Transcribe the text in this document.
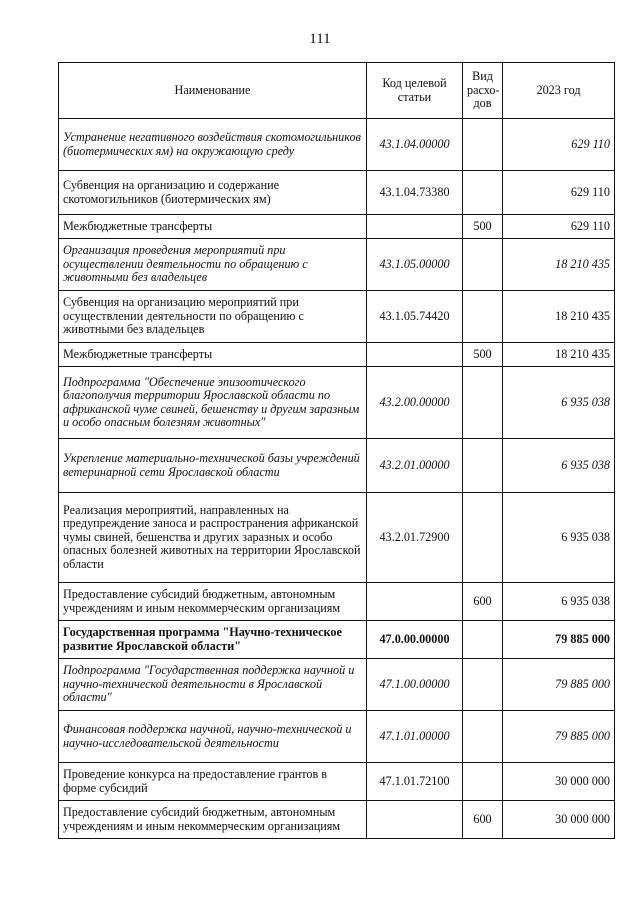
111
Наименование	Код целевой статьи	Вид расхо-дов	2023 год
Устранение негативного воздействия скотомогильников (биотермических ям) на окружающую среду	43.1.04.00000		629 110
Субвенция на организацию и содержание скотомогильников (биотермических ям)	43.1.04.73380		629 110
Межбюджетные трансферты		500	629 110
Организация проведения мероприятий при осуществлении деятельности по обращению с животными без владельцев	43.1.05.00000		18 210 435
Субвенция на организацию мероприятий при осуществлении деятельности по обращению с животными без владельцев	43.1.05.74420		18 210 435
Межбюджетные трансферты		500	18 210 435
Подпрограмма "Обеспечение эпизоотического благополучия территории Ярославской области по африканской чуме свиней, бешенству и другим заразным и особо опасным болезням животных"	43.2.00.00000		6 935 038
Укрепление материально-технической базы учреждений ветеринарной сети Ярославской области	43.2.01.00000		6 935 038
Реализация мероприятий, направленных на предупреждение заноса и распространения африканской чумы свиней, бешенства и других заразных и особо опасных болезней животных на территории Ярославской области	43.2.01.72900		6 935 038
Предоставление субсидий бюджетным, автономным учреждениям и иным некоммерческим организациям		600	6 935 038
Государственная программа "Научно-техническое развитие Ярославской области"	47.0.00.00000		79 885 000
Подпрограмма "Государственная поддержка научной и научно-технической деятельности в Ярославской области"	47.1.00.00000		79 885 000
Финансовая поддержка научной, научно-технической и научно-исследовательской деятельности	47.1.01.00000		79 885 000
Проведение конкурса на предоставление грантов в форме субсидий	47.1.01.72100		30 000 000
Предоставление субсидий бюджетным, автономным учреждениям и иным некоммерческим организациям		600	30 000 000
